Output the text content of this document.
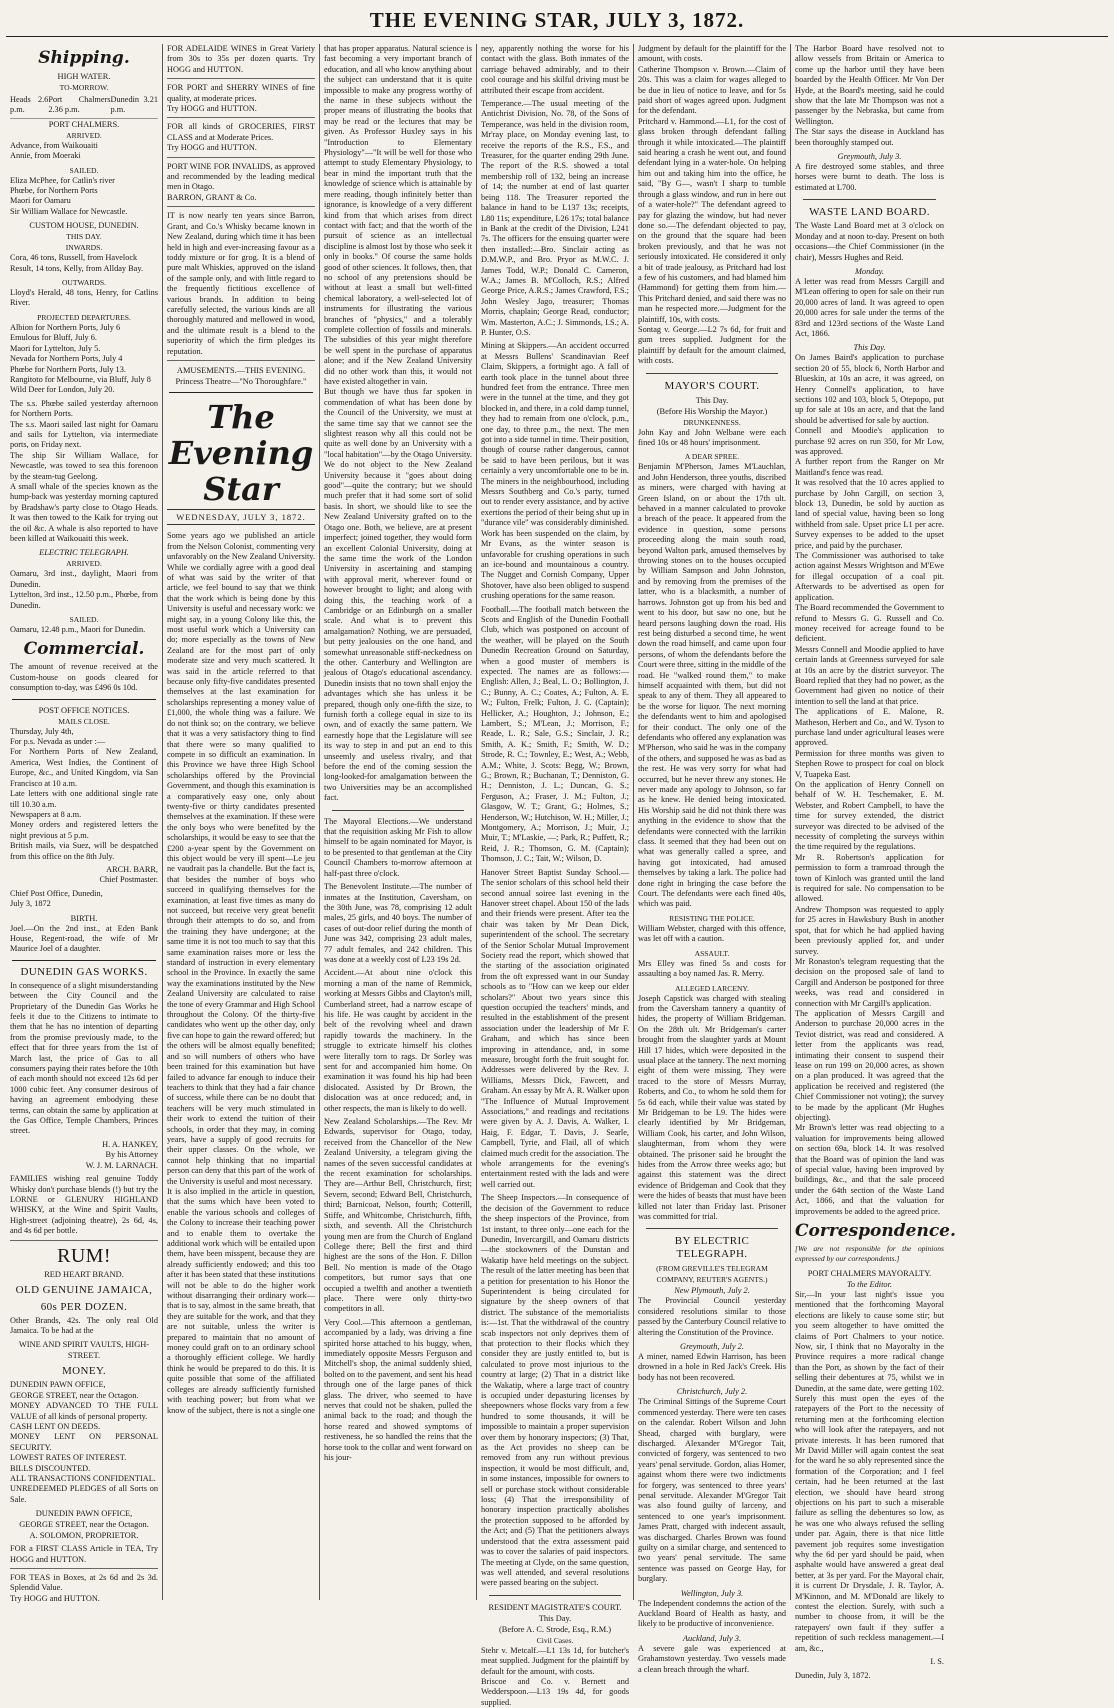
THE EVENING STAR, JULY 3, 1872.
Shipping.
HIGH WATER.
TO-MORROW.
Heads 2.6 p.m.
Port Chalmers 2.36 p.m.
Dunedin 3.21 p.m.
PORT CHALMERS.
ARRIVED.
Advance, from Waikouaiti
Annie, from Moeraki
SAILED.
Eliza McPhee, for Catlin's river
Phœbe, for Northern Ports
Maori for Oamaru
Sir William Wallace for Newcastle.
CUSTOM HOUSE, DUNEDIN.
THIS DAY.
INWARDS.
Cora, 46 tons, Russell, from Havelock
Result, 14 tons, Kelly, from Allday Bay.
OUTWARDS.
Lloyd's Herald, 48 tons, Henry, for Catlins River.
PROJECTED DEPARTURES.
Albion for Northern Ports, July 6
Emulous for Bluff, July 6.
Maori for Lyttelton, July 5.
Nevada for Northern Ports, July 4
Phœbe for Northern Ports, July 13.
Rangitoto for Melbourne, via Bluff, July 8
Wild Deer for London, July 20.
The s.s. Phœbe sailed yesterday afternoon for Northern Ports.
The s.s. Maori sailed last night for Oamaru and sails for Lyttelton, via intermediate ports, on Friday next.
The ship Sir William Wallace, for Newcastle, was towed to sea this forenoon by the steam-tug Geelong.
A small whale of the species known as the hump-back was yesterday morning captured by Bradshaw's party close to Otago Heads. It was then towed to the Kaik for trying out the oil &c. A whale is also reported to have been killed at Waikouaiti this week.
ELECTRIC TELEGRAPH.
ARRIVED.
Oamaru, 3rd inst., daylight, Maori from Dunedin.
Lyttelton, 3rd inst., 12.50 p.m., Phœbe, from Dunedin.
SAILED.
Oamaru, 12.48 p.m., Maori for Dunedin.
Commercial.
The amount of revenue received at the Custom-house on goods cleared for consumption to-day, was £496 0s 10d.
POST OFFICE NOTICES.
MAILS CLOSE.
Thursday, July 4th,
For p.s. Nevada as under :—
For Northern Ports of New Zealand, America, West Indies, the Continent of Europe, &c., and United Kingdom, via San Francisco at 10 a.m.
Late letters with one additional single rate till 10.30 a.m.
Newspapers at 8 a.m.
Money orders and registered letters the night previous at 5 p.m.
British mails, via Suez, will be despatched from this office on the 8th July.
ARCH. BARR,
Chief Postmaster.
Chief Post Office, Dunedin,
July 3, 1872
BIRTH.
Joel.—On the 2nd inst., at Eden Bank House, Regent-road, the wife of Mr Maurice Joel of a daughter.
DUNEDIN GAS WORKS.
In consequence of a slight misunderstanding between the City Council and the Proprietary of the Dunedin Gas Works he feels it due to the Citizens to intimate to them that he has no intention of departing from the promise previously made, to the effect that for three years from the 1st of March last, the price of Gas to all consumers paying their rates before the 10th of each month should not exceed 12s 6d per 1000 cubic feet. Any consumer desirous of having an agreement embodying these terms, can obtain the same by application at the Gas Office, Temple Chambers, Princes street.
H. A. HANKEY,
By his Attorney
W. J. M. LARNACH.
FAMILIES wishing real genuine Toddy Whisky don't purchase blends (!) but try the LORNE or GLENURY HIGHLAND WHISKY, at the Wine and Spirit Vaults, High-street (adjoining theatre), 2s 6d, 4s, and 4s 6d per bottle.
RUM!
RED HEART BRAND.
OLD GENUINE JAMAICA,
60s PER DOZEN.
Other Brands, 42s. The only real Old Jamaica. To be had at the
WINE AND SPIRIT VAULTS, HIGH-STREET.
MONEY.
DUNEDIN PAWN OFFICE,
GEORGE STREET, near the Octagon.
MONEY ADVANCED TO THE FULL VALUE of all kinds of personal property.
CASH LENT ON DEEDS.
MONEY LENT ON PERSONAL SECURITY.
LOWEST RATES OF INTEREST.
BILLS DISCOUNTED.
ALL TRANSACTIONS CONFIDENTIAL.
UNREDEEMED PLEDGES of all Sorts on Sale.
DUNEDIN PAWN OFFICE,
GEORGE STREET, near the Octagon.
A. SOLOMON, PROPRIETOR.
FOR a FIRST CLASS Article in TEA, Try HOGG and HUTTON.
FOR TEAS in Boxes, at 2s 6d and 2s 3d. Splendid Value.
Try HOGG and HUTTON.
FOR ADELAIDE WINES in Great Variety from 30s to 35s per dozen quarts. Try HOGG and HUTTON.
FOR PORT and SHERRY WINES of fine quality, at moderate prices.
Try HOGG and HUTTON.
FOR all kinds of GROCERIES, FIRST CLASS and at Moderate Prices.
Try HOGG and HUTTON.
PORT WINE FOR INVALIDS, as approved and recommended by the leading medical men in Otago.
BARRON, GRANT & Co.
IT is now nearly ten years since Barron, Grant, and Co.'s Whisky became known in New Zealand, during which time it has been held in high and ever-increasing favour as a toddy mixture or for grog. It is a blend of pure malt Whiskies, approved on the island of the sample only, and with little regard to the frequently fictitious excellence of various brands. In addition to being carefully selected, the various kinds are all thoroughly matured and mellowed in wood, and the ultimate result is a blend to the superiority of which the firm pledges its reputation.
AMUSEMENTS.—THIS EVENING.
Princess Theatre—"No Thoroughfare."
The Evening Star
WEDNESDAY, JULY 3, 1872.
Some years ago we published an article from the Nelson Colonist, commenting very unfavorably on the New Zealand University. While we cordially agree with a good deal of what was said by the writer of that article, we feel bound to say that we think that the work which is being done by this University is useful and necessary work: we might say, in a young Colony like this, the most useful work which a University can do; more especially as the towns of New Zealand are for the most part of only moderate size and very much scattered. It was said in the article referred to that because only fifty-five candidates presented themselves at the last examination for scholarships representing a money value of £1,000, the whole thing was a failure. We do not think so; on the contrary, we believe that it was a very satisfactory thing to find that there were so many qualified to compete in so difficult an examination. In this Province we have three High School scholarships offered by the Provincial Government, and though this examination is a comparatively easy one, only about twenty-five or thirty candidates presented themselves at the examination. If these were the only boys who were benefited by the scholarships, it would be easy to see that the £200 a-year spent by the Government on this object would be very ill spent—Le jeu ne vaudrait pas la chandelle. But the fact is, that besides the number of boys who succeed in qualifying themselves for the examination, at least five times as many do not succeed, but receive very great benefit through their attempts to do so, and from the training they have undergone; at the same time it is not too much to say that this same examination raises more or less the standard of instruction in every elementary school in the Province. In exactly the same way the examinations instituted by the New Zealand University are calculated to raise the tone of every Grammar and High School throughout the Colony. Of the thirty-five candidates who went up the other day, only five can hope to gain the reward offered; but the others will be almost equally benefited; and so will numbers of others who have been trained for this examination but have failed to advance far enough to induce their teachers to think that they had a fair chance of success, while there can be no doubt that teachers will be very much stimulated in their work to extend the tuition of their schools, in order that they may, in coming years, have a supply of good recruits for their upper classes. On the whole, we cannot help thinking that no impartial person can deny that this part of the work of the University is useful and most necessary.
It is also implied in the article in question, that the sums which have been voted to enable the various schools and colleges of the Colony to increase their teaching power and to enable them to overtake the additional work which will be entailed upon them, have been misspent, because they are already sufficiently endowed; and this too after it has been stated that these institutions will not be able to do the higher work without disarranging their ordinary work—that is to say, almost in the same breath, that they are suitable for the work, and that they are not suitable, unless the writer is prepared to maintain that no amount of money could graft on to an ordinary school a thoroughly efficient college. We hardly think he would be prepared to do this. It is quite possible that some of the affiliated colleges are already sufficiently furnished with teaching power; but from what we know of the subject, there is not a single one
that has proper apparatus. Natural science is fast becoming a very important branch of education, and all who know anything about the subject can understand that it is quite impossible to make any progress worthy of the name in these subjects without the proper means of illustrating the books that may be read or the lectures that may be given. As Professor Huxley says in his "Introduction to Elementary Physiology"—"It will be well for those who attempt to study Elementary Physiology, to bear in mind the important truth that the knowledge of science which is attainable by mere reading, though infinitely better than ignorance, is knowledge of a very different kind from that which arises from direct contact with fact; and that the worth of the pursuit of science as an intellectual discipline is almost lost by those who seek it only in books." Of course the same holds good of other sciences. It follows, then, that no school of any pretensions should be without at least a small but well-fitted chemical laboratory, a well-selected lot of instruments for illustrating the various branches of "physics," and a tolerably complete collection of fossils and minerals. The subsidies of this year might therefore be well spent in the purchase of apparatus alone; and if the New Zealand University did no other work than this, it would not have existed altogether in vain.
But though we have thus far spoken in commendation of what has been done by the Council of the University, we must at the same time say that we cannot see the slightest reason why all this could not be quite as well done by an University with a "local habitation"—by the Otago University. We do not object to the New Zealand University because it "goes about doing good"—quite the contrary; but we should much prefer that it had some sort of solid basis. In short, we should like to see the New Zealand University grafted on to the Otago one. Both, we believe, are at present imperfect; joined together, they would form an excellent Colonial University, doing at the same time the work of the London University in ascertaining and stamping with approval merit, wherever found or however brought to light; and along with doing this, the teaching work of a Cambridge or an Edinburgh on a smaller scale. And what is to prevent this amalgamation? Nothing, we are persuaded, but petty jealousies on the one hand, and somewhat unreasonable stiff-neckedness on the other. Canterbury and Wellington are jealous of Otago's educational ascendancy. Dunedin insists that no town shall enjoy the advantages which she has unless it be prepared, though only one-fifth the size, to furnish forth a college equal in size to its own, and of exactly the same pattern. We earnestly hope that the Legislature will see its way to step in and put an end to this unseemly and useless rivalry, and that before the end of the coming session the long-looked-for amalgamation between the two Universities may be an accomplished fact.
The Mayoral Elections.—We understand that the requisition asking Mr Fish to allow himself to be again nominated for Mayor, is to be presented to that gentleman at the City Council Chambers to-morrow afternoon at half-past three o'clock.
The Benevolent Institute.—The number of inmates at the Institution, Caversham, on the 30th June, was 78, comprising 12 adult males, 25 girls, and 40 boys. The number of cases of out-door relief during the month of June was 342, comprising 23 adult males, 77 adult females, and 242 children. This was done at a weekly cost of L23 19s 2d.
Accident.—At about nine o'clock this morning a man of the name of Remmick, working at Messrs Gibbs and Clayton's mill, Cumberland street, had a narrow escape of his life. He was caught by accident in the belt of the revolving wheel and drawn rapidly towards the machinery. In the struggle to extricate himself his clothes were literally torn to rags. Dr Sorley was sent for and accompanied him home. On examination it was found his hip had been dislocated. Assisted by Dr Brown, the dislocation was at once reduced; and, in other respects, the man is likely to do well.
New Zealand Scholarships.—The Rev. Mr Edwards, supervisor for Otago, today, received from the Chancellor of the New Zealand University, a telegram giving the names of the seven successful candidates at the recent examination for scholarships. They are—Arthur Bell, Christchurch, first; Severn, second; Edward Bell, Christchurch, third; Barnicoat, Nelson, fourth; Cotterill, Stiffe, and Whitcombe, Christchurch, fifth, sixth, and seventh. All the Christchurch young men are from the Church of England College there; Bell the first and third highest are the sons of the Hon. F. Dillon Bell. No mention is made of the Otago competitors, but rumor says that one occupied a twelfth and another a twentieth place. There were only thirty-two competitors in all.
Very Cool.—This afternoon a gentleman, accompanied by a lady, was driving a fine spirited horse attached to his buggy, when, immediately opposite Messrs Ferguson and Mitchell's shop, the animal suddenly shied, bolted on to the pavement, and sent his head through one of the large panes of thick glass. The driver, who seemed to have nerves that could not be shaken, pulled the animal back to the road; and though the horse reared and showed symptoms of restiveness, he so handled the reins that the horse took to the collar and went forward on his jour-
ney, apparently nothing the worse for his contact with the glass. Both inmates of the carriage behaved admirably, and to their cool courage and his skilful driving must be attributed their escape from accident.
Temperance.—The usual meeting of the Antichrist Division, No. 78, of the Sons of Temperance, was held in the division room, Mr'ray place, on Monday evening last, to receive the reports of the R.S., F.S., and Treasurer, for the quarter ending 29th June. The report of the R.S. showed a total membership roll of 132, being an increase of 14; the number at end of last quarter being 118. The Treasurer reported the balance in hand to be L137 13s; receipts, L80 11s; expenditure, L26 17s; total balance in Bank at the credit of the Division, L241 7s. The officers for the ensuing quarter were then installed:—Bro. Sinclair acting as D.M.W.P., and Bro. Pryor as M.W.C. J. James Todd, W.P.; Donald C. Cameron, W.A.; James B. M'Colloch, R.S.; Alfred George Price, A.R.S.; James Crawford, F.S.; John Wesley Jago, treasurer; Thomas Morris, chaplain; George Read, conductor; Wm. Masterton, A.C.; J. Simmonds, I.S.; A. P. Hunter, O.S.
Mining at Skippers.—An accident occurred at Messrs Bullens' Scandinavian Reef Claim, Skippers, a fortnight ago. A fall of earth took place in the tunnel about three hundred feet from the entrance. Three men were in the tunnel at the time, and they got blocked in, and there, in a cold damp tunnel, they had to remain from one o'clock, p.m., one day, to three p.m., the next. The men got into a side tunnel in time. Their position, though of course rather dangerous, cannot be said to have been perilous, but it was certainly a very uncomfortable one to be in. The miners in the neighbourhood, including Messrs Southberg and Co.'s party, turned out to render every assistance, and by active exertions the period of their being shut up in "durance vile" was considerably diminished. Work has been suspended on the claim, by Mr Evans, as the winter season is unfavorable for crushing operations in such an ice-bound and mountainous a country. The Nugget and Cornish Company, Upper Shotover, have also been obliged to suspend crushing operations for the same reason.
Football.—The football match between the Scots and English of the Dunedin Football Club, which was postponed on account of the weather, will be played on the South Dunedin Recreation Ground on Saturday, when a good muster of members is expected. The names are as follows:—English: Allen, J.; Beal, L. O.; Bollington, J. C.; Bunny, A. C.; Coates, A.; Fulton, A. E. W.; Fulton, Frelk; Fulton, J. C. (Captain); Hellicker, A.; Houghton, J.; Johnson, E.; Lambert, S.; M'Lean, J.; Morrison, F.; Reade, L. R.; Sale, G.S.; Sinclair, J. R.; Smith, A. K.; Smith, F.; Smith, W. D.; Strode, R. C.; Townley, E.; West, A.; Webb, A.M.; White, J. Scots: Begg, W.; Brown, G.; Brown, R.; Buchanan, T.; Denniston, G. H.; Denniston, J. L.; Duncan, G. S.; Ferguson, A.; Fraser, J. M.; Fulton, J.; Glasgow, W. T.; Grant, G.; Holmes, S.; Henderson, W.; Hutchison, W. H.; Miller, J.; Montgomery, A.; Morrison, J.; Muir, J.; Muir, T.; M'Laskie, —; Park, R.; Puffett, R.; Reid, J. R.; Thomson, G. M. (Captain); Thomson, J. C.; Tait, W.; Wilson, D.
Hanover Street Baptist Sunday School.—The senior scholars of this school held their second annual soiree last evening in the Hanover street chapel. About 150 of the lads and their friends were present. After tea the chair was taken by Mr Dean Dick, superintendent of the school. The secretary of the Senior Scholar Mutual Improvement Society read the report, which showed that the starting of the association originated from the oft expressed want in our Sunday schools as to "How can we keep our elder scholars?" About two years since this question occupied the teachers' minds, and resulted in the establishment of the present association under the leadership of Mr F. Graham, and which has since been improving in attendance, and, in some measure, brought forth the fruit sought for. Addresses were delivered by the Rev. J. Williams, Messrs Dick, Fawcett, and Graham. An essay by Mr A. R. Walker upon "The Influence of Mutual Improvement Associations," and readings and recitations were given by A. J. Davis, A. Walker, I. Haig, F. Edgar, T. Davis, J. Searle, Campbell, Tyrie, and Flail, all of which claimed much credit for the association. The whole arrangements for the evening's entertainment rested with the lads and were well carried out.
The Sheep Inspectors.—In consequence of the decision of the Government to reduce the sheep inspectors of the Province, from 1st instant, to three only—one each for the Dunedin, Invercargill, and Oamaru districts—the stockowners of the Dunstan and Wakatip have held meetings on the subject. The result of the latter meeting has been that a petition for presentation to his Honor the Superintendent is being circulated for signature by the sheep owners of that district. The substance of the memorialists is:—1st. That the withdrawal of the country scab inspectors not only deprives them of that protection to their flocks which they consider they are justly entitled to, but is calculated to prove most injurious to the country at large; (2) That in a district like the Wakatip, where a large tract of country is occupied under depasturing licenses by sheepowners whose flocks vary from a few hundred to some thousands, it will be impossible to maintain a proper supervision over them by honorary inspectors; (3) That, as the Act provides no sheep can be removed from any run without previous inspection, it would be most difficult, and, in some instances, impossible for owners to sell or purchase stock without considerable loss; (4) That the irresponsibility of honorary inspection practically abolishes the protection supposed to be afforded by the Act; and (5) That the petitioners always understood that the extra assessment paid was to cover the salaries of paid inspectors. The meeting at Clyde, on the same question, was well attended, and several resolutions were passed bearing on the subject.
RESIDENT MAGISTRATE'S COURT.
This Day.
(Before A. C. Strode, Esq., R.M.)
Civil Cases.
Stehr v. Metcalf.—L1 13s 1d, for butcher's meat supplied. Judgment for the plaintiff by default for the amount, with costs.
Briscoe and Co. v. Bernett and Wedderspoon.—L13 19s 4d, for goods supplied.
Judgment by default for the plaintiff for the amount, with costs.
Catherine Thompson v. Brown.—Claim of 20s. This was a claim for wages alleged to be due in lieu of notice to leave, and for 5s paid short of wages agreed upon. Judgment for the defendant.
Pritchard v. Hammond.—L1, for the cost of glass broken through defendant falling through it while intoxicated.—The plaintiff said hearing a crash he went out, and found defendant lying in a water-hole. On helping him out and taking him into the office, he said, "By G—, wasn't I sharp to tumble through a glass window, and run in here out of a water-hole?" The defendant agreed to pay for glazing the window, but had never done so.—The defendant objected to pay, on the ground that the square had been broken previously, and that he was not seriously intoxicated. He considered it only a bit of trade jealousy, as Pritchard had lost a few of his customers, and had blamed him (Hammond) for getting them from him.—This Pritchard denied, and said there was no man he respected more.—Judgment for the plaintiff, 10s, with costs.
Sontag v. George.—L2 7s 6d, for fruit and gum trees supplied. Judgment for the plaintiff by default for the amount claimed, with costs.
MAYOR'S COURT.
This Day.
(Before His Worship the Mayor.)
DRUNKENNESS.
John Kay and John Welbane were each fined 10s or 48 hours' imprisonment.
A DEAR SPREE.
Benjamin M'Pherson, James M'Lauchlan, and John Henderson, three youths, discribed as miners, were charged with having at Green Island, on or about the 17th ult. behaved in a manner calculated to provoke a breach of the peace. It appeared from the evidence in question, some persons proceeding along the main south road, beyond Walton park, amused themselves by throwing stones on to the houses occupied by William Sampson and John Johnston, and by removing from the premises of the latter, who is a blacksmith, a number of harrows. Johnston got up from his bed and went to his door, but saw no one, but he heard persons laughing down the road. His rest being disturbed a second time, he went down the road himself, and came upon four persons, of whom the defendants before the Court were three, sitting in the middle of the road. He "walked round them," to make himself acquainted with them, but did not speak to any of them. They all appeared to be the worse for liquor. The next morning the defendants went to him and apologised for their conduct. The only one of the defendants who offered any explanation was M'Pherson, who said he was in the company of the others, and supposed he was as bad as the rest. He was very sorry for what had occurred, but he never threw any stones. He never made any apology to Johnson, so far as he knew. He denied being intoxicated. His Worship said he did not think there was anything in the evidence to show that the defendants were connected with the larrikin class. It seemed that they had been out on what was generally called a spree, and having got intoxicated, had amused themselves by taking a lark. The police had done right in bringing the case before the Court. The defendants were each fined 40s, which was paid.
RESISTING THE POLICE.
William Webster, charged with this offence, was let off with a caution.
ASSAULT.
Mrs Elley was fined 5s and costs for assaulting a boy named Jas. R. Merry.
ALLEGED LARCENY.
Joseph Capstick was charged with stealing from the Caversham tannery a quantity of hides, the property of William Bridgeman. On the 28th ult. Mr Bridgeman's carter brought from the slaughter yards at Mount Hill 17 hides, which were deposited in the usual place at the tannery. The next morning eight of them were missing. They were traced to the store of Messrs Murray, Roberts, and Co., to whom he sold them for 5s 6d each, while their value was stated by Mr Bridgeman to be L9. The hides were clearly identified by Mr Bridgeman, William Cook, his carter, and John Wilson, slaughterman, from whom they were obtained. The prisoner said he brought the hides from the Arrow three weeks ago; but against this statement was the direct evidence of Bridgeman and Cook that they were the hides of beasts that must have been killed not later than Friday last. Prisoner was committed for trial.
BY ELECTRIC TELEGRAPH.
(FROM GREVILLE'S TELEGRAM COMPANY, REUTER'S AGENTS.)
New Plymouth, July 2.
The Provincial Council yesterday considered resolutions similar to those passed by the Canterbury Council relative to altering the Constitution of the Province.
Greymouth, July 2.
A miner, named Edwin Harrison, has been drowned in a hole in Red Jack's Creek. His body has not been recovered.
Christchurch, July 2.
The Criminal Sittings of the Supreme Court commenced yesterday. There were ten cases on the calendar. Robert Wilson and John Shead, charged with burglary, were discharged. Alexander M'Gregor Tait, convicted of forgery, was sentenced to two years' penal servitude. Gordon, alias Homer, against whom there were two indictments for forgery, was sentenced to three years' penal servitude. Alexander M'Gregor Tait was also found guilty of larceny, and sentenced to one year's imprisonment. James Pratt, charged with indecent assault, was discharged. Charles Brown was found guilty on a similar charge, and sentenced to two years' penal servitude. The same sentence was passed on George Hay, for burglary.
Wellington, July 3.
The Independent condemns the action of the Auckland Board of Health as hasty, and likely to be productive of inconvenience.
Auckland, July 3.
A severe gale was experienced at Grahamstown yesterday. Two vessels made a clean breach through the wharf.
The Harbor Board have resolved not to allow vessels from Britain or America to come up the harbor until they have been boarded by the Health Officer. Mr Von Der Hyde, at the Board's meeting, said he could show that the late Mr Thompson was not a passenger by the Nebraska, but came from Wellington.
The Star says the disease in Auckland has been thoroughly stamped out.
Greymouth, July 3.
A fire destroyed some stables, and three horses were burnt to death. The loss is estimated at L700.
WASTE LAND BOARD.
The Waste Land Board met at 3 o'clock on Monday and at noon to-day. Present on both occasions—the Chief Commissioner (in the chair), Messrs Hughes and Reid.
Monday.
A letter was read from Messrs Cargill and M'Lean offering to open for sale on their run 20,000 acres of land. It was agreed to open 20,000 acres for sale under the terms of the 83rd and 123rd sections of the Waste Land Act, 1866.
This Day.
On James Baird's application to purchase section 20 of 55, block 6, North Harbor and Blueskin, at 10s an acre, it was agreed, on Henry Connell's application, to have sections 102 and 103, block 5, Otepopo, put up for sale at 10s an acre, and that the land should be advertised for sale by auction.
Connell and Moodie's application to purchase 92 acres on run 350, for Mr Low, was approved.
A further report from the Ranger on Mr Maitland's fence was read.
It was resolved that the 10 acres applied to purchase by John Cargill, on section 3, block 13, Dunedin, be sold by auction as land of special value, having been so long withheld from sale. Upset price L1 per acre. Survey expenses to be added to the upset price, and paid by the purchaser.
The Commissioner was authorised to take action against Messrs Wrightson and M'Ewe for illegal occupation of a coal pit. Afterwards to be advertised as open for application.
The Board recommended the Government to refund to Messrs G. G. Russell and Co. money received for acreage found to be deficient.
Messrs Connell and Moodie applied to have certain lands at Greenness surveyed for sale at 10s an acre by the district surveyor. The Board replied that they had no power, as the Government had given no notice of their intention to sell the land at that price.
The applications of E. Malone, R. Matheson, Herbert and Co., and W. Tyson to purchase land under agricultural leases were approved.
Permission for three months was given to Stephen Rowe to prospect for coal on block V, Tuapeka East.
On the application of Henry Connell on behalf of W. H. Teschemaker, E. M. Webster, and Robert Campbell, to have the time for survey extended, the district surveyor was directed to be advised of the necessity of completing the surveys within the time required by the regulations.
Mr R. Robertson's application for permission to form a tramroad through the town of Kinloch was granted until the land is required for sale. No compensation to be allowed.
Andrew Thompson was requested to apply for 25 acres in Hawksbury Bush in another spot, that for which he had applied having been previously applied for, and under survey.
Mr Ronaston's telegram requesting that the decision on the proposed sale of land to Cargill and Anderson be postponed for three weeks, was read and considered in connection with Mr Cargill's application.
The application of Messrs Cargill and Anderson to purchase 20,000 acres in the Teviot district, was read and considered. A letter from the applicants was read, intimating their consent to suspend their lease on run 199 on 20,000 acres, as shown on a plan produced. It was agreed that the application be received and registered (the Chief Commissioner not voting); the survey to be made by the applicant (Mr Hughes objecting).
Mr Brown's letter was read objecting to a valuation for improvements being allowed on section 69a, block 14. It was resolved that the Board was of opinion the land was of special value, having been improved by buildings, &c., and that the sale proceed under the 64th section of the Waste Land Act, 1866, and that the valuation for improvements be added to the agreed price.
Correspondence.
[We are not responsible for the opinions expressed by our correspondents.]
PORT CHALMERS MAYORALTY.
To the Editor.
Sir,—In your last night's issue you mentioned that the forthcoming Mayoral elections are likely to cause some stir; but you seem altogether to have omitted the claims of Port Chalmers to your notice. Now, sir, I think that no Mayoralty in the Province requires a more radical change than the Port, as shown by the fact of their selling their debentures at 75, whilst we in Dunedin, at the same date, were getting 102. Surely this must open the eyes of the ratepayers of the Port to the necessity of returning men at the forthcoming election who will look after the ratepayers, and not private interests. It has been rumored that Mr David Miller will again contest the seat for the ward he so ably represented since the formation of the Corporation; and I feel certain, had he been returned at the last election, we should have heard strong objections on his part to such a miserable failure as selling the debentures so low, as he was one who always refused the selling under par. Again, there is that nice little pavement job requires some investigation why the 6d per yard should be paid, when asphalte would have answered a great deal better, at 3s per yard. For the Mayoral chair, it is current Dr Drysdale, J. R. Taylor, A. M'Kinnon, and M. M'Donald are likely to contest the election. Surely, with such a number to choose from, it will be the ratepayers' own fault if they suffer a repetition of such reckless management.—I am, &c.,
I. S.
Dunedin, July 3, 1872.
